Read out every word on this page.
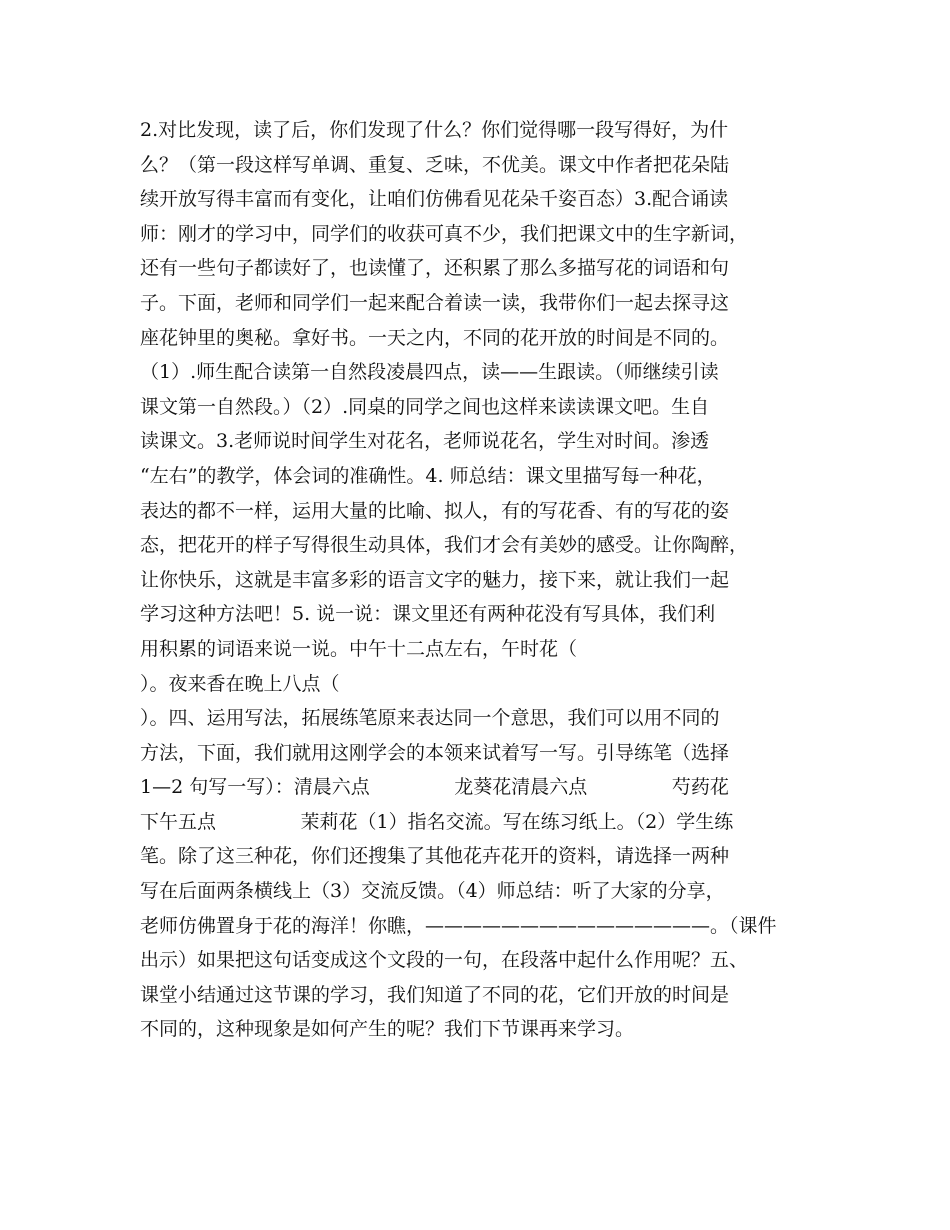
2.对比发现，读了后，你们发现了什么？你们觉得哪一段写得好，为什
么？（第一段这样写单调、重复、乏味，不优美。课文中作者把花朵陆
续开放写得丰富而有变化，让咱们仿佛看见花朵千姿百态）3.配合诵读
师：刚才的学习中，同学们的收获可真不少，我们把课文中的生字新词，
还有一些句子都读好了，也读懂了，还积累了那么多描写花的词语和句
子。下面，老师和同学们一起来配合着读一读，我带你们一起去探寻这
座花钟里的奥秘。拿好书。一天之内，不同的花开放的时间是不同的。
（1）.师生配合读第一自然段凌晨四点，读——生跟读。（师继续引读
课文第一自然段。）（2）.同桌的同学之间也这样来读读课文吧。生自
读课文。3.老师说时间学生对花名，老师说花名，学生对时间。渗透
“左右”的教学，体会词的准确性。4. 师总结：课文里描写每一种花，
表达的都不一样，运用大量的比喻、拟人，有的写花香、有的写花的姿
态，把花开的样子写得很生动具体，我们才会有美妙的感受。让你陶醉，
让你快乐，这就是丰富多彩的语言文字的魅力，接下来，就让我们一起
学习这种方法吧！5. 说一说：课文里还有两种花没有写具体，我们利
用积累的词语来说一说。中午十二点左右，午时花（
）。夜来香在晚上八点（
）。四、运用写法，拓展练笔原来表达同一个意思，我们可以用不同的
方法，下面，我们就用这刚学会的本领来试着写一写。引导练笔（选择
1—2 句写一写）：清晨六点              龙葵花清晨六点              芍药花
下午五点              茉莉花（1）指名交流。写在练习纸上。（2）学生练
笔。除了这三种花，你们还搜集了其他花卉花开的资料，请选择一两种
写在后面两条横线上（3）交流反馈。（4）师总结：听了大家的分享，
老师仿佛置身于花的海洋！你瞧，———————————————。（课件
出示）如果把这句话变成这个文段的一句，在段落中起什么作用呢？五、
课堂小结通过这节课的学习，我们知道了不同的花，它们开放的时间是
不同的，这种现象是如何产生的呢？我们下节课再来学习。
